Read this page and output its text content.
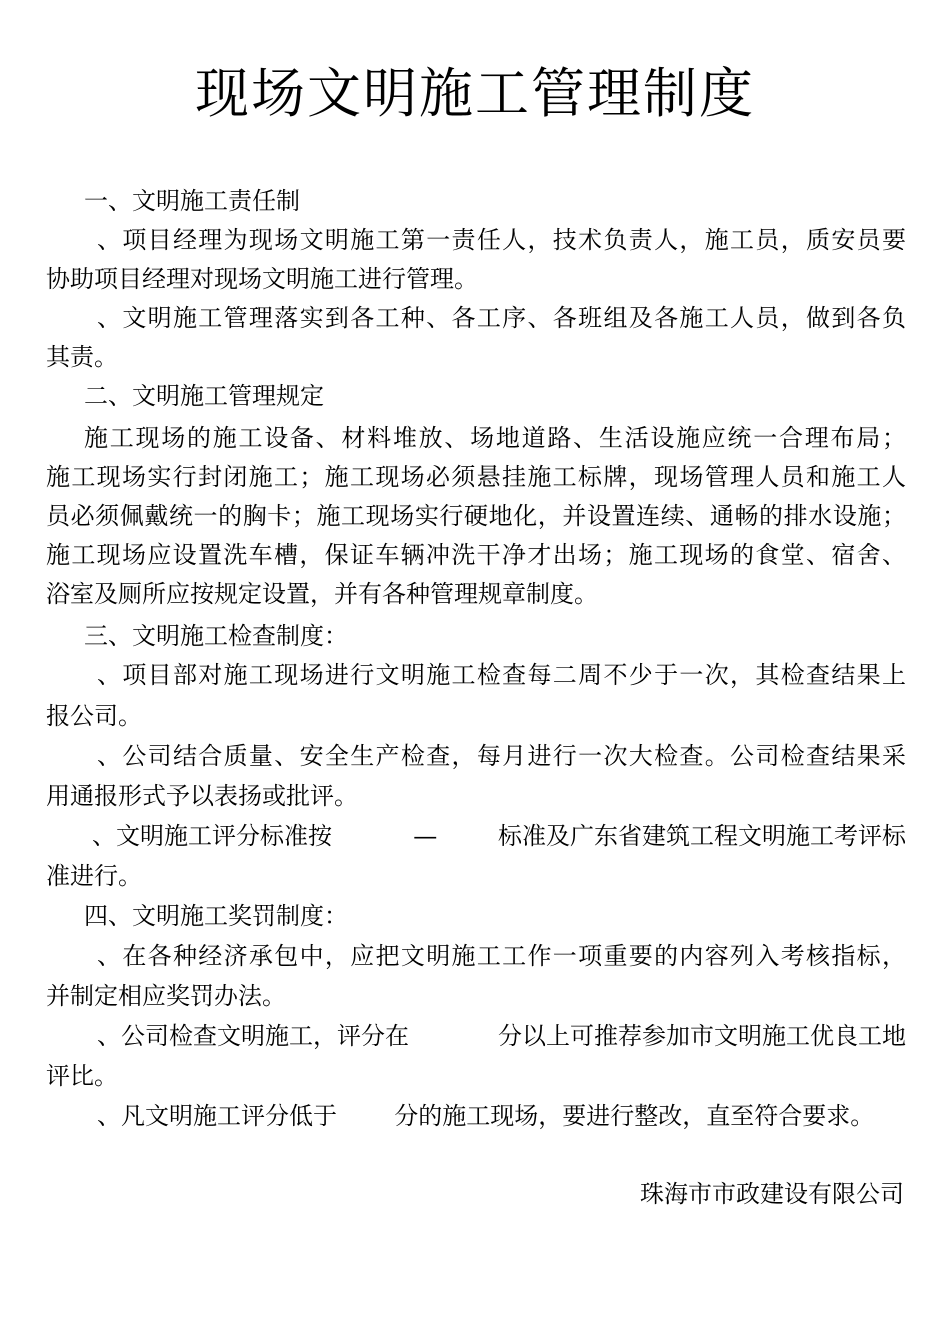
现场文明施工管理制度
一、文明施工责任制
、项目经理为现场文明施工第一责任人，技术负责人，施工员，质安员要
协助项目经理对现场文明施工进行管理。
、文明施工管理落实到各工种、各工序、各班组及各施工人员，做到各负
其责。
二、文明施工管理规定
施工现场的施工设备、材料堆放、场地道路、生活设施应统一合理布局；
施工现场实行封闭施工；施工现场必须悬挂施工标牌，现场管理人员和施工人
员必须佩戴统一的胸卡；施工现场实行硬地化，并设置连续、通畅的排水设施；
施工现场应设置洗车槽，保证车辆冲洗干净才出场；施工现场的食堂、宿舍、
浴室及厕所应按规定设置，并有各种管理规章制度。
三、文明施工检查制度：
、项目部对施工现场进行文明施工检查每二周不少于一次，其检查结果上
报公司。
、公司结合质量、安全生产检查，每月进行一次大检查。公司检查结果采
用通报形式予以表扬或批评。
、文明施工评分标准按	—	标准及广东省建筑工程文明施工考评标
准进行。
四、文明施工奖罚制度：
、在各种经济承包中，应把文明施工工作一项重要的内容列入考核指标，
并制定相应奖罚办法。
、公司检查文明施工，评分在	分以上可推荐参加市文明施工优良工地
评比。
、凡文明施工评分低于 分的施工现场，要进行整改，直至符合要求。
珠海市市政建设有限公司
